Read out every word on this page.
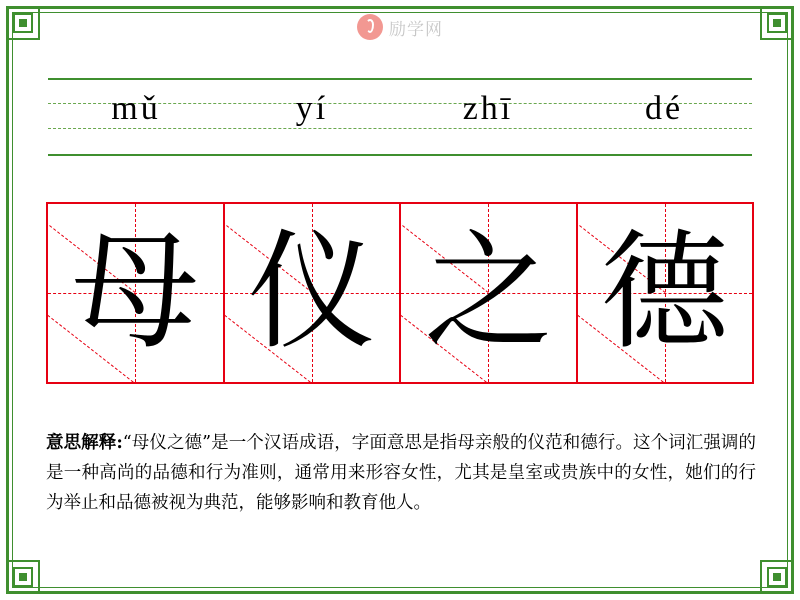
励学网
mǔ	yí	zhī	dé
母 仪 之 德
意思解释:“母仪之德”是一个汉语成语，字面意思是指母亲般的仪范和德行。这个词汇强调的是一种高尚的品德和行为准则，通常用来形容女性，尤其是皇室或贵族中的女性，她们的行为举止和品德被视为典范，能够影响和教育他人。
